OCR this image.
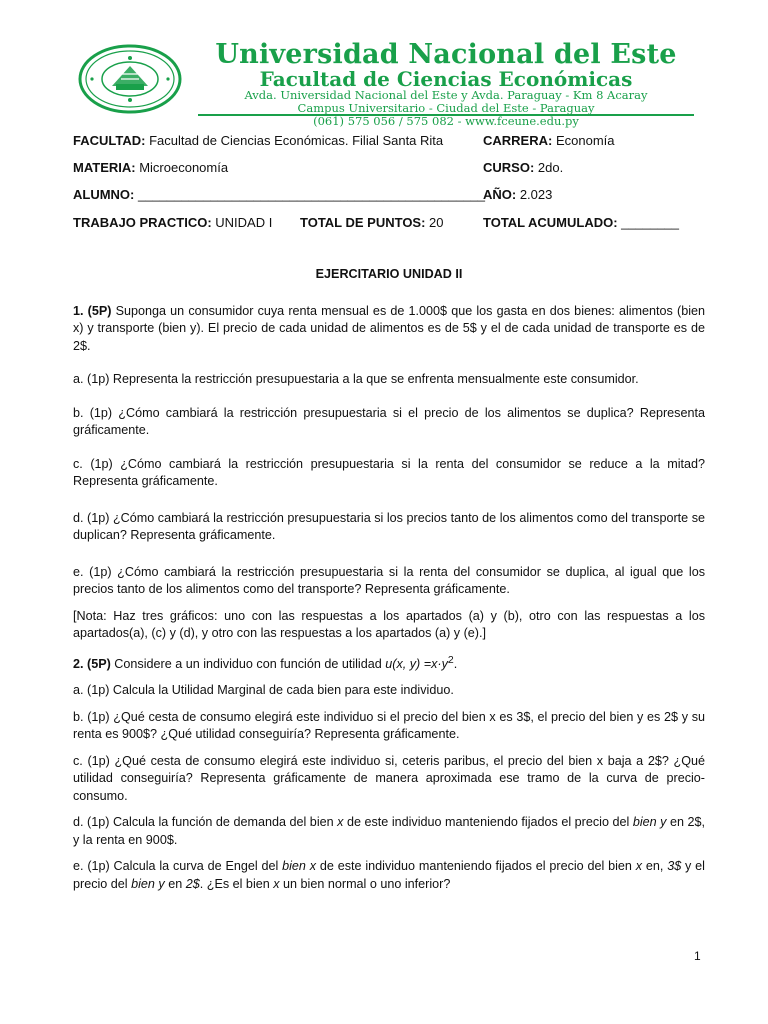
Universidad Nacional del Este
Facultad de Ciencias Económicas
Avda. Universidad Nacional del Este y Avda. Paraguay - Km 8 Acaray
Campus Universitario - Ciudad del Este - Paraguay
(061) 575 056 / 575 082 - www.fceune.edu.py
FACULTAD: Facultad de Ciencias Económicas. Filial Santa Rita	CARRERA: Economía
MATERIA: Microeconomía	CURSO: 2do.
ALUMNO: ________________________________________________
AÑO: 2.023
TRABAJO PRACTICO: UNIDAD I TOTAL DE PUNTOS: 20	TOTAL ACUMULADO: ________
EJERCITARIO UNIDAD II

1. (5P) Suponga un consumidor cuya renta mensual es de 1.000$ que los gasta en dos bienes: alimentos (bien x) y transporte (bien y). El precio de cada unidad de alimentos es de 5$ y el de cada unidad de transporte es de 2$.

a. (1p) Representa la restricción presupuestaria a la que se enfrenta mensualmente este consumidor.

b. (1p) ¿Cómo cambiará la restricción presupuestaria si el precio de los alimentos se duplica? Representa gráficamente.

c. (1p) ¿Cómo cambiará la restricción presupuestaria si la renta del consumidor se reduce a la mitad? Representa gráficamente.

d. (1p) ¿Cómo cambiará la restricción presupuestaria si los precios tanto de los alimentos como del transporte se duplican? Representa gráficamente.

e. (1p) ¿Cómo cambiará la restricción presupuestaria si la renta del consumidor se duplica, al igual que los precios tanto de los alimentos como del transporte? Representa gráficamente.

[Nota: Haz tres gráficos: uno con las respuestas a los apartados (a) y (b), otro con las respuestas a los apartados(a), (c) y (d), y otro con las respuestas a los apartados (a) y (e).]

2. (5P) Considere a un individuo con función de utilidad u(x, $y) =x\cdot y^2$.

a. (1p) Calcula la Utilidad Marginal de cada bien para este individuo.

b. (1p) ¿Qué cesta de consumo elegirá este individuo si el precio del bien x es 3$, el precio del bien y es 2$ y su renta es 900$? ¿Qué utilidad conseguiría? Representa gráficamente.

c. (1p) ¿Qué cesta de consumo elegirá este individuo si, ceteris paribus, el precio del bien x baja a 2$? ¿Qué utilidad conseguiría? Representa gráficamente de manera aproximada ese tramo de la curva de precio-consumo.

d. (1p) Calcula la función de demanda del bien x de este individuo manteniendo fijados el precio del bien y en 2$, y la renta en 900$.

e. (1p) Calcula la curva de Engel del bien x de este individuo manteniendo fijados el precio del bien x en, 3$ y el precio del bien y en 2$. ¿Es el bien x un bien normal o uno inferior?

1
